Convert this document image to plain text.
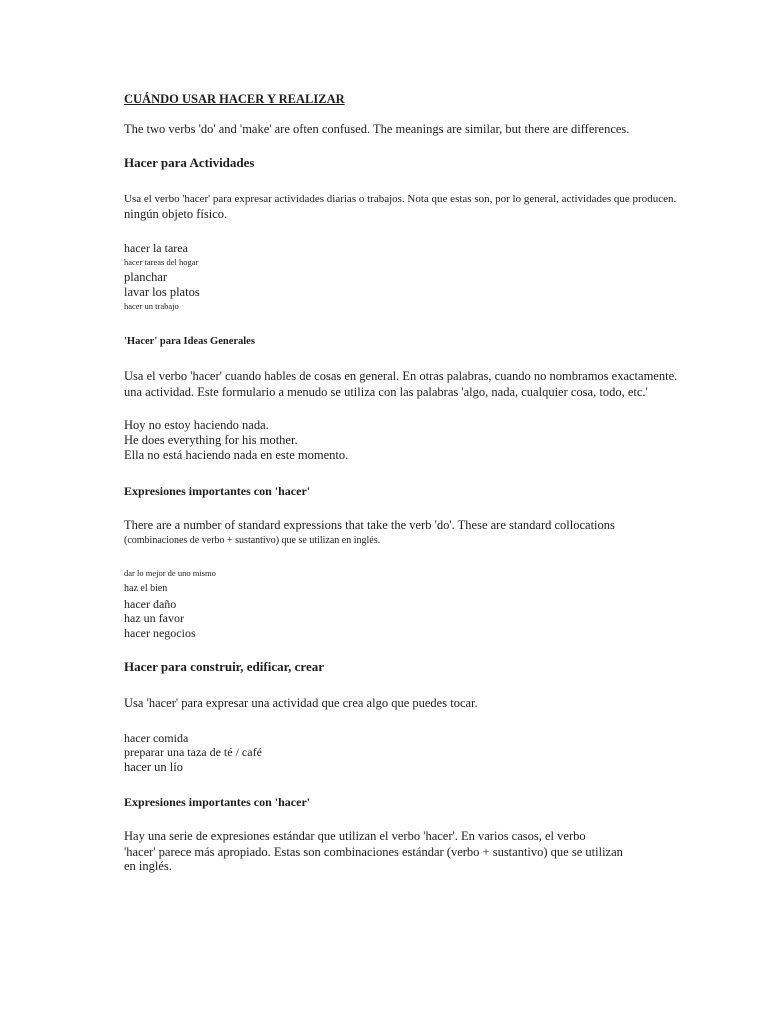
CUÁNDO USAR HACER Y REALIZAR
The two verbs 'do' and 'make' are often confused. The meanings are similar, but there are differences.
Hacer para Actividades
Usa el verbo 'hacer' para expresar actividades diarias o trabajos. Nota que estas son, por lo general, actividades que producen.
ningún objeto físico.
hacer la tarea
hacer tareas del hogar
planchar
lavar los platos
hacer un trabajo
'Hacer' para Ideas Generales
Usa el verbo 'hacer' cuando hables de cosas en general. En otras palabras, cuando no nombramos exactamente.
una actividad. Este formulario a menudo se utiliza con las palabras 'algo, nada, cualquier cosa, todo, etc.'
Hoy no estoy haciendo nada.
He does everything for his mother.
Ella no está haciendo nada en este momento.
Expresiones importantes con 'hacer'
There are a number of standard expressions that take the verb 'do'. These are standard collocations
(combinaciones de verbo + sustantivo) que se utilizan en inglés.
dar lo mejor de uno mismo
haz el bien
hacer daño
haz un favor
hacer negocios
Hacer para construir, edificar, crear
Usa 'hacer' para expresar una actividad que crea algo que puedes tocar.
hacer comida
preparar una taza de té / café
hacer un lío
Expresiones importantes con 'hacer'
Hay una serie de expresiones estándar que utilizan el verbo 'hacer'. En varios casos, el verbo
'hacer' parece más apropiado. Estas son combinaciones estándar (verbo + sustantivo) que se utilizan
en inglés.
